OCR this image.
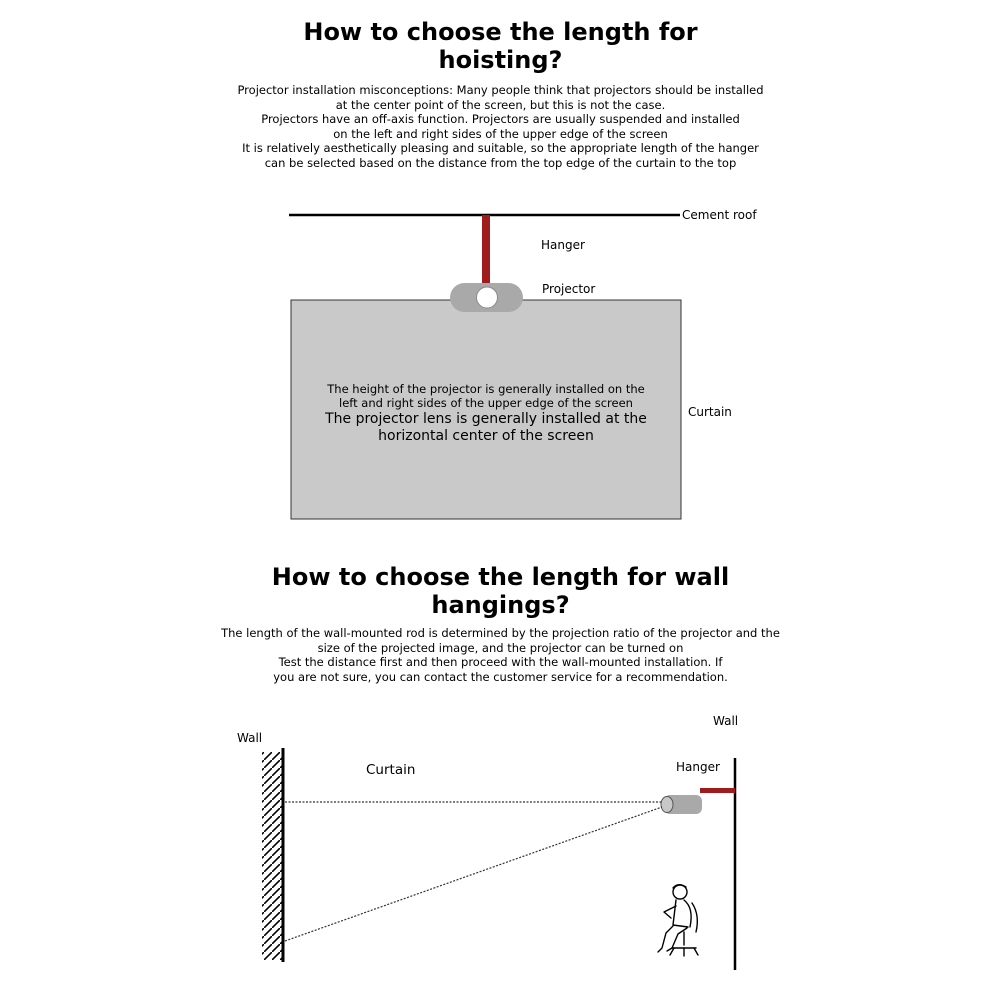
How to choose the length for
hoisting?
Projector installation misconceptions: Many people think that projectors should be installed
at the center point of the screen, but this is not the case.
Projectors have an off-axis function. Projectors are usually suspended and installed
on the left and right sides of the upper edge of the screen
It is relatively aesthetically pleasing and suitable, so the appropriate length of the hanger
can be selected based on the distance from the top edge of the curtain to the top
Cement roof
Hanger
Projector
Curtain
The height of the projector is generally installed on the
left and right sides of the upper edge of the screen
The projector lens is generally installed at the
horizontal center of the screen
How to choose the length for wall
hangings?
The length of the wall-mounted rod is determined by the projection ratio of the projector and the
size of the projected image, and the projector can be turned on
Test the distance first and then proceed with the wall-mounted installation. If
you are not sure, you can contact the customer service for a recommendation.
Wall
Wall
Curtain	Hanger
